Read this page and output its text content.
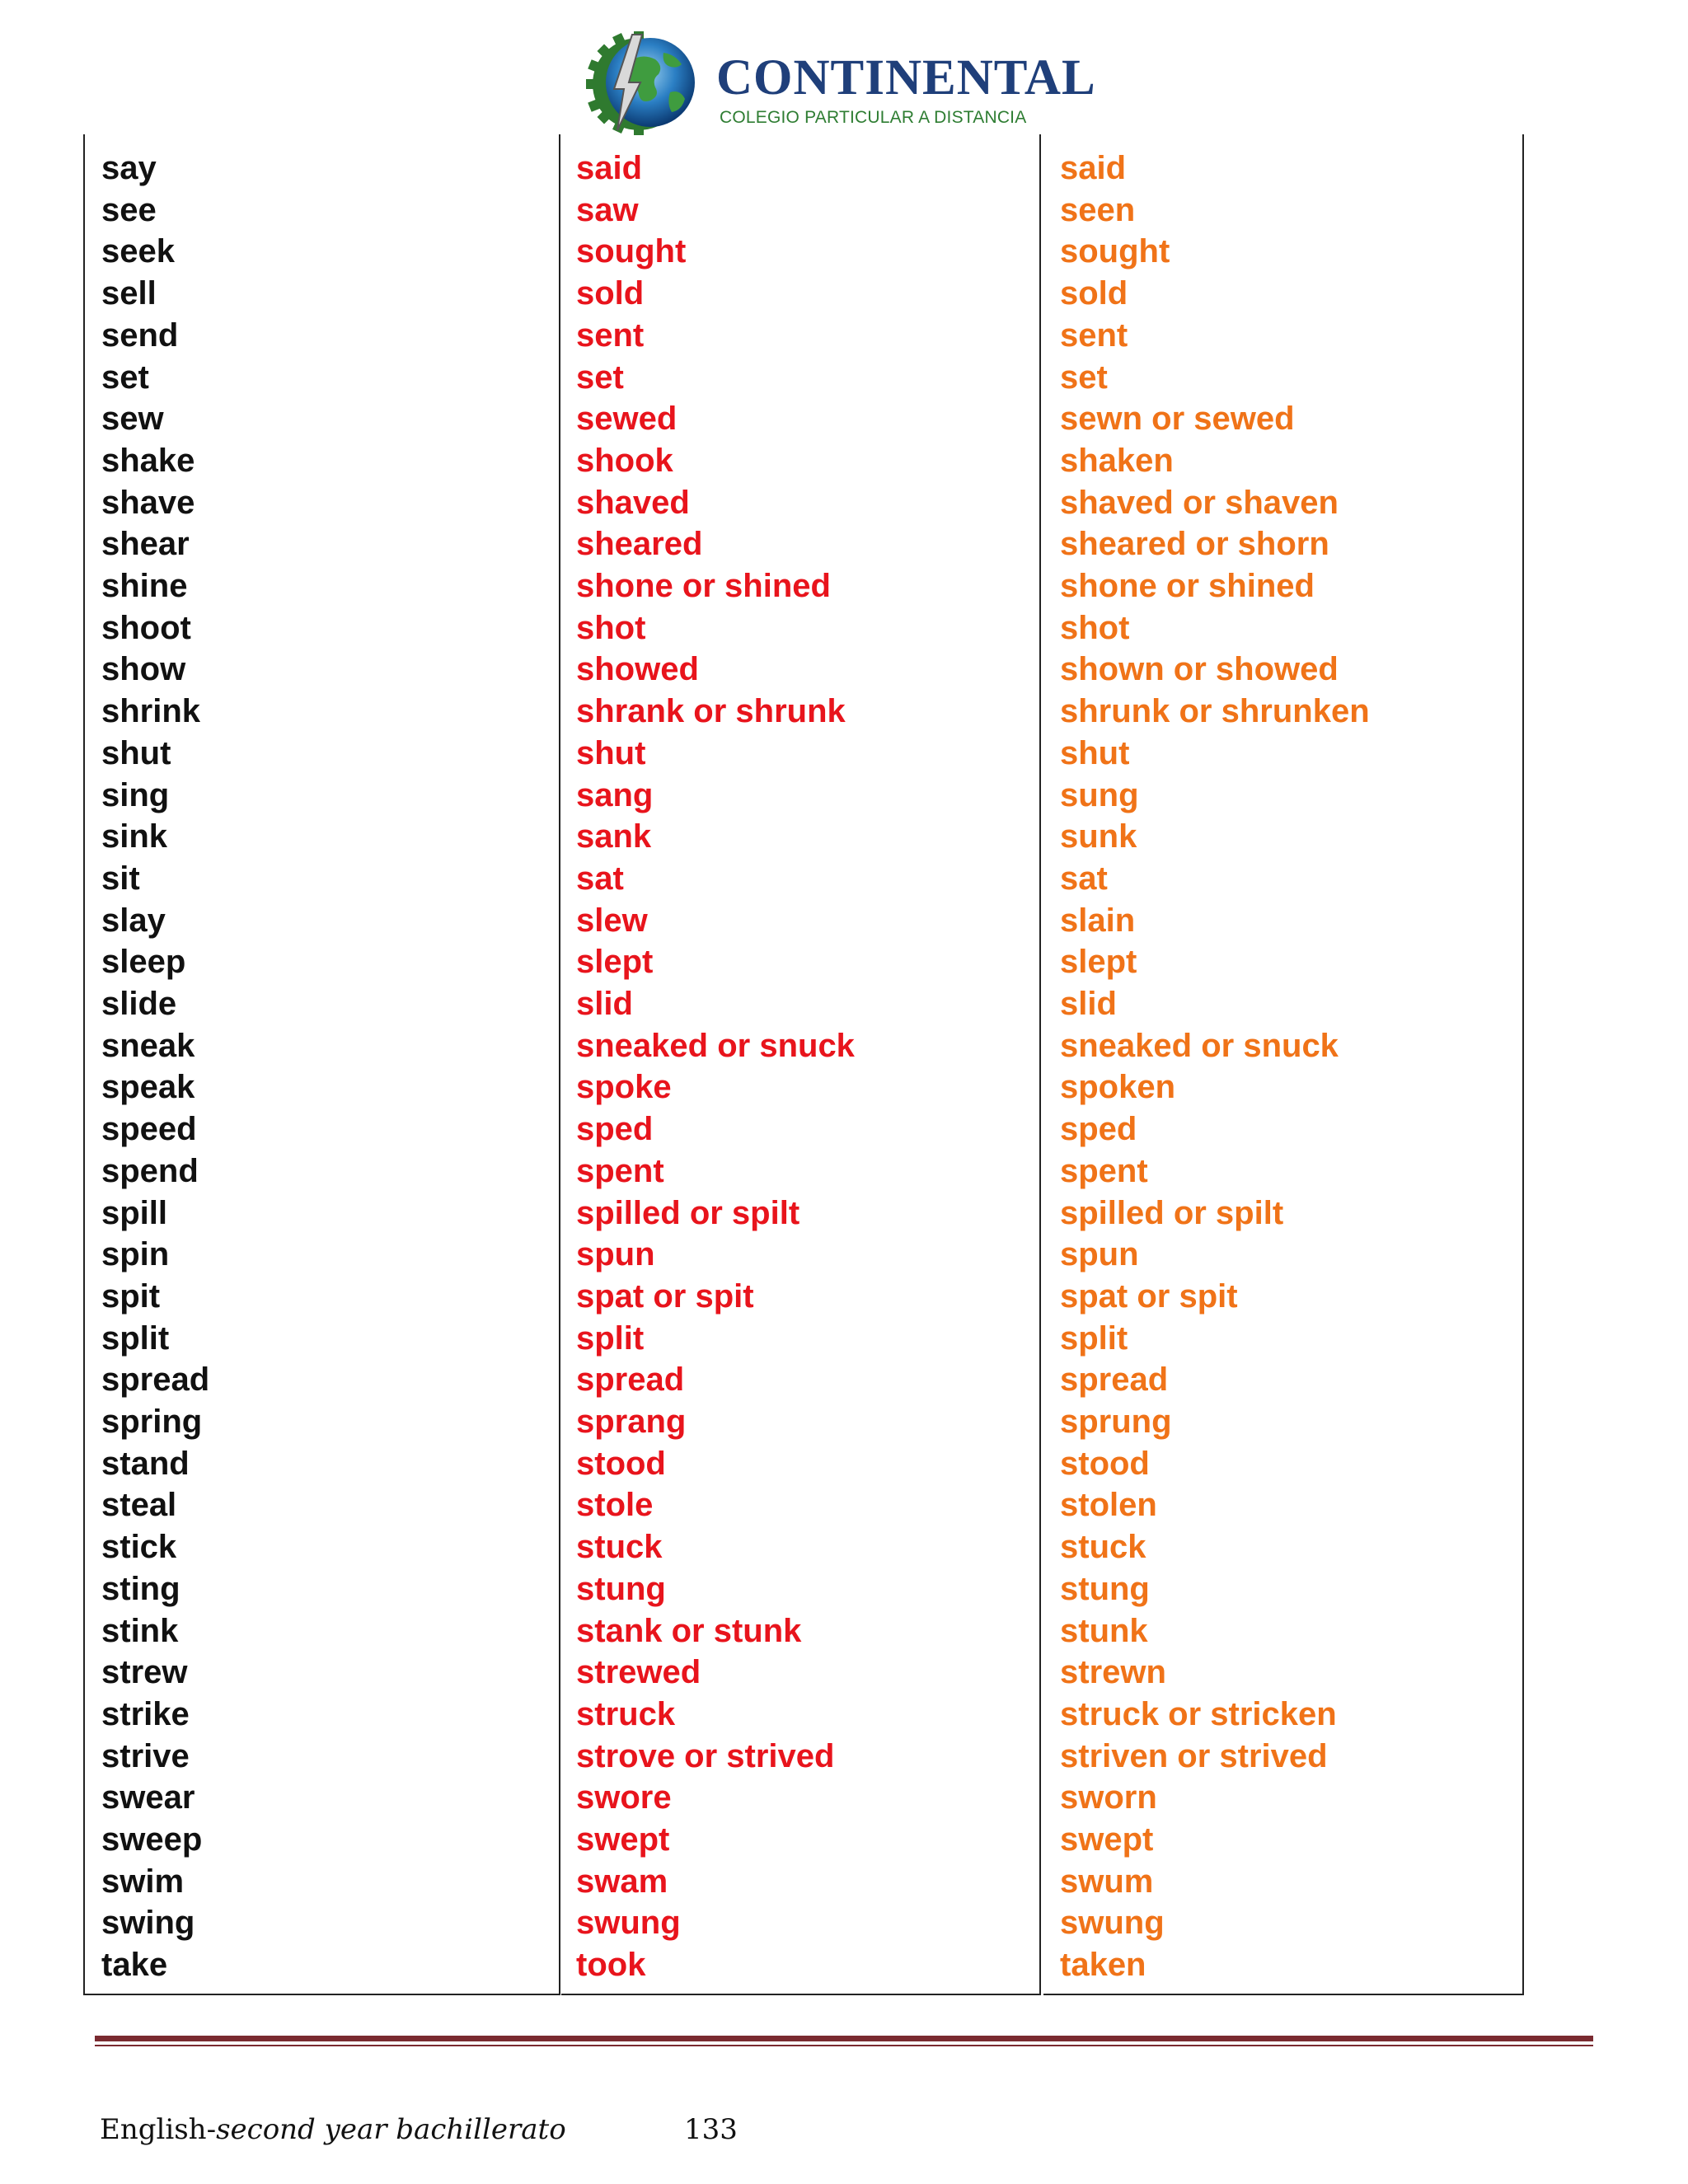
CONTINENTAL
COLEGIO PARTICULAR A DISTANCIA
say
see
seek
sell
send
set
sew
shake
shave
shear
shine
shoot
show
shrink
shut
sing
sink
sit
slay
sleep
slide
sneak
speak
speed
spend
spill
spin
spit
split
spread
spring
stand
steal
stick
sting
stink
strew
strike
strive
swear
sweep
swim
swing
take
said
saw
sought
sold
sent
set
sewed
shook
shaved
sheared
shone or shined
shot
showed
shrank or shrunk
shut
sang
sank
sat
slew
slept
slid
sneaked or snuck
spoke
sped
spent
spilled or spilt
spun
spat or spit
split
spread
sprang
stood
stole
stuck
stung
stank or stunk
strewed
struck
strove or strived
swore
swept
swam
swung
took
said
seen
sought
sold
sent
set
sewn or sewed
shaken
shaved or shaven
sheared or shorn
shone or shined
shot
shown or showed
shrunk or shrunken
shut
sung
sunk
sat
slain
slept
slid
sneaked or snuck
spoken
sped
spent
spilled or spilt
spun
spat or spit
split
spread
sprung
stood
stolen
stuck
stung
stunk
strewn
struck or stricken
striven or strived
sworn
swept
swum
swung
taken
English-second year bachillerato	133
